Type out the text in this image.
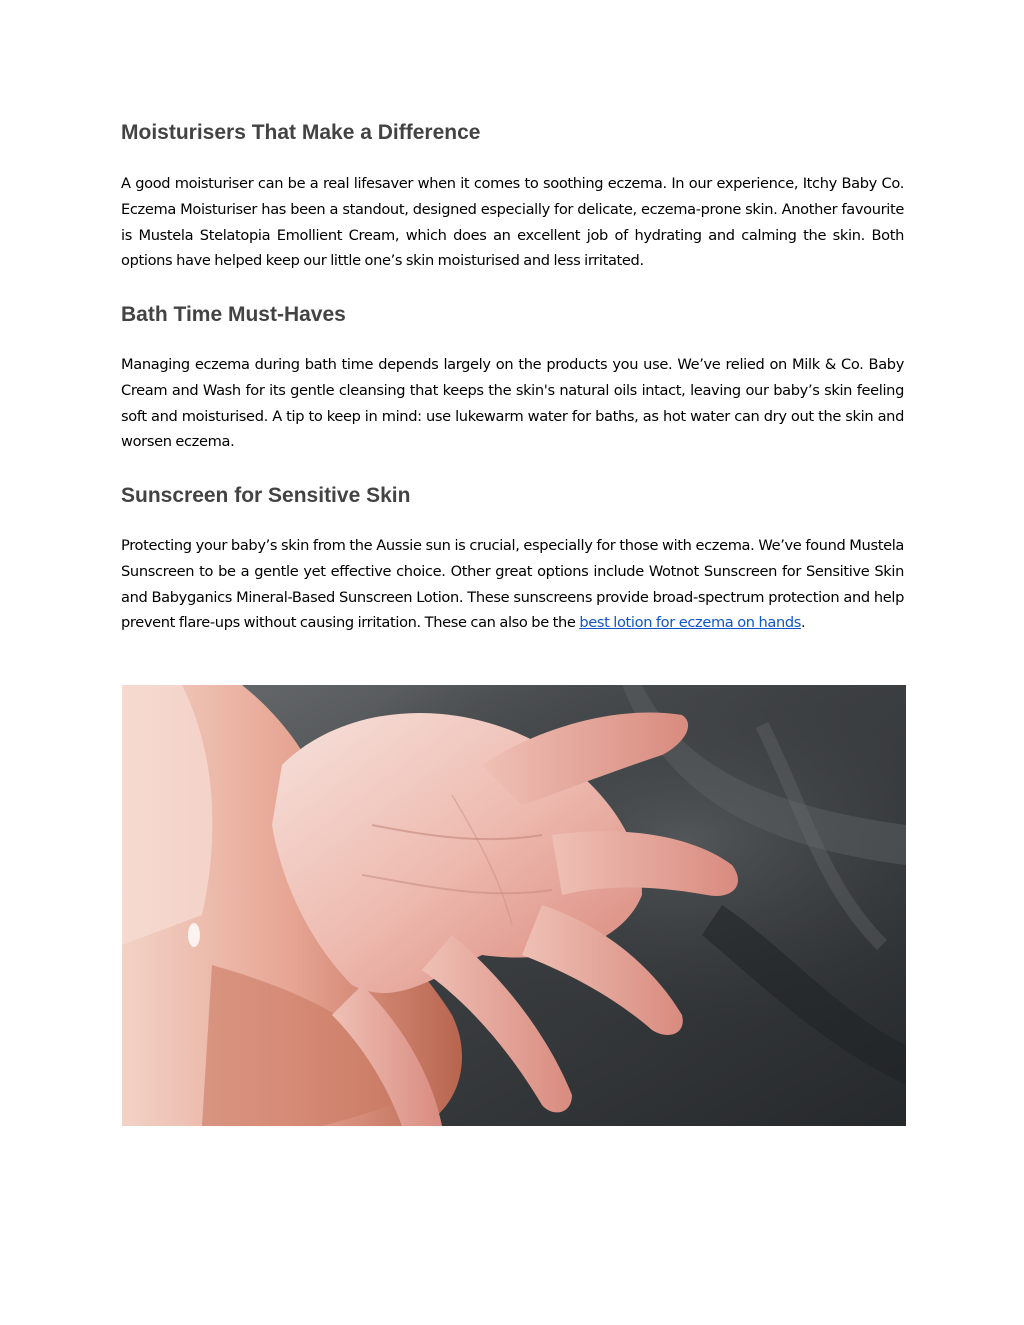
Moisturisers That Make a Difference

A good moisturiser can be a real lifesaver when it comes to soothing eczema. In our experience, Itchy Baby Co. Eczema Moisturiser has been a standout, designed especially for delicate, eczema-prone skin. Another favourite is Mustela Stelatopia Emollient Cream, which does an excellent job of hydrating and calming the skin. Both options have helped keep our little one’s skin moisturised and less irritated.

Bath Time Must-Haves

Managing eczema during bath time depends largely on the products you use. We’ve relied on Milk & Co. Baby Cream and Wash for its gentle cleansing that keeps the skin's natural oils intact, leaving our baby’s skin feeling soft and moisturised. A tip to keep in mind: use lukewarm water for baths, as hot water can dry out the skin and worsen eczema.

Sunscreen for Sensitive Skin

Protecting your baby’s skin from the Aussie sun is crucial, especially for those with eczema. We’ve found Mustela Sunscreen to be a gentle yet effective choice. Other great options include Wotnot Sunscreen for Sensitive Skin and Babyganics Mineral-Based Sunscreen Lotion. These sunscreens provide broad-spectrum protection and help prevent flare-ups without causing irritation. These can also be the best lotion for eczema on hands.
